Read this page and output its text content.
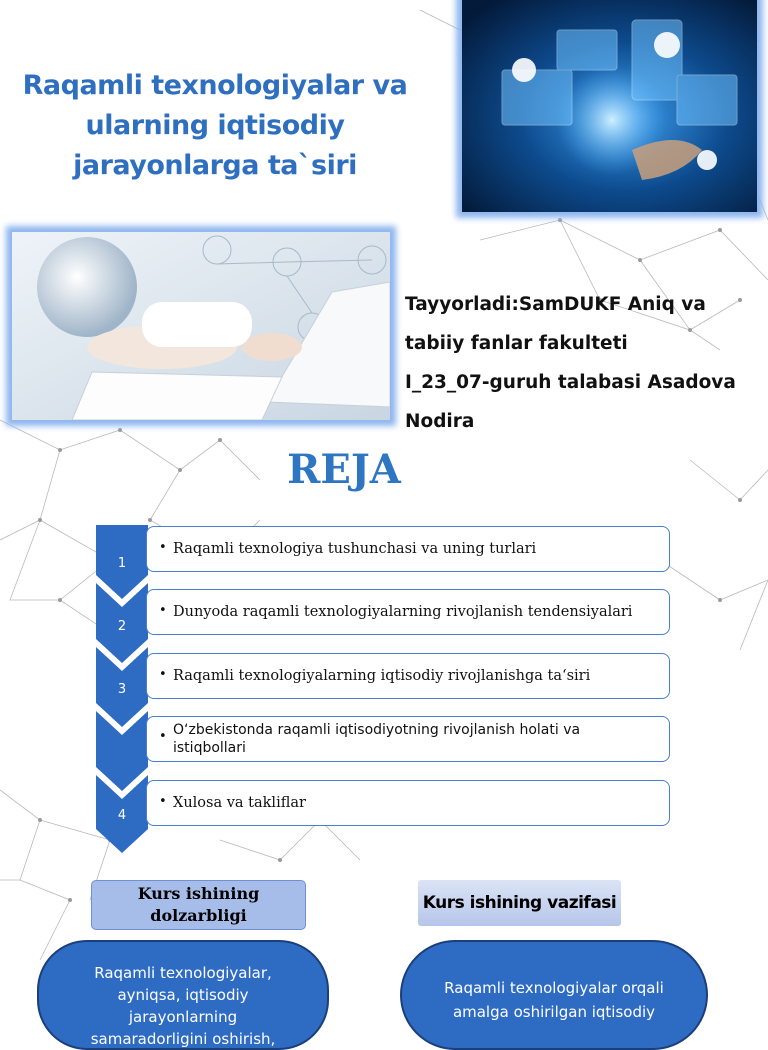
Raqamli texnologiyalar va ularning iqtisodiy jarayonlarga ta`siri
Tayyorladi:SamDUKF Aniq va
tabiiy fanlar fakulteti
I_23_07-guruh talabasi Asadova
Nodira
REJA
1
2
3
4
• Raqamli texnologiya tushunchasi va uning turlari
• Dunyoda raqamli texnologiyalarning rivojlanish tendensiyalari
• Raqamli texnologiyalarning iqtisodiy rivojlanishga ta‘siri
• O‘zbekistonda raqamli iqtisodiyotning rivojlanish holati va istiqbollari
• Xulosa va takliflar
Kurs ishining dolzarbligi
Kurs ishining vazifasi
Raqamli texnologiyalar, ayniqsa, iqtisodiy jarayonlarning samaradorligini oshirish,
Raqamli texnologiyalar orqali amalga oshirilgan iqtisodiy
